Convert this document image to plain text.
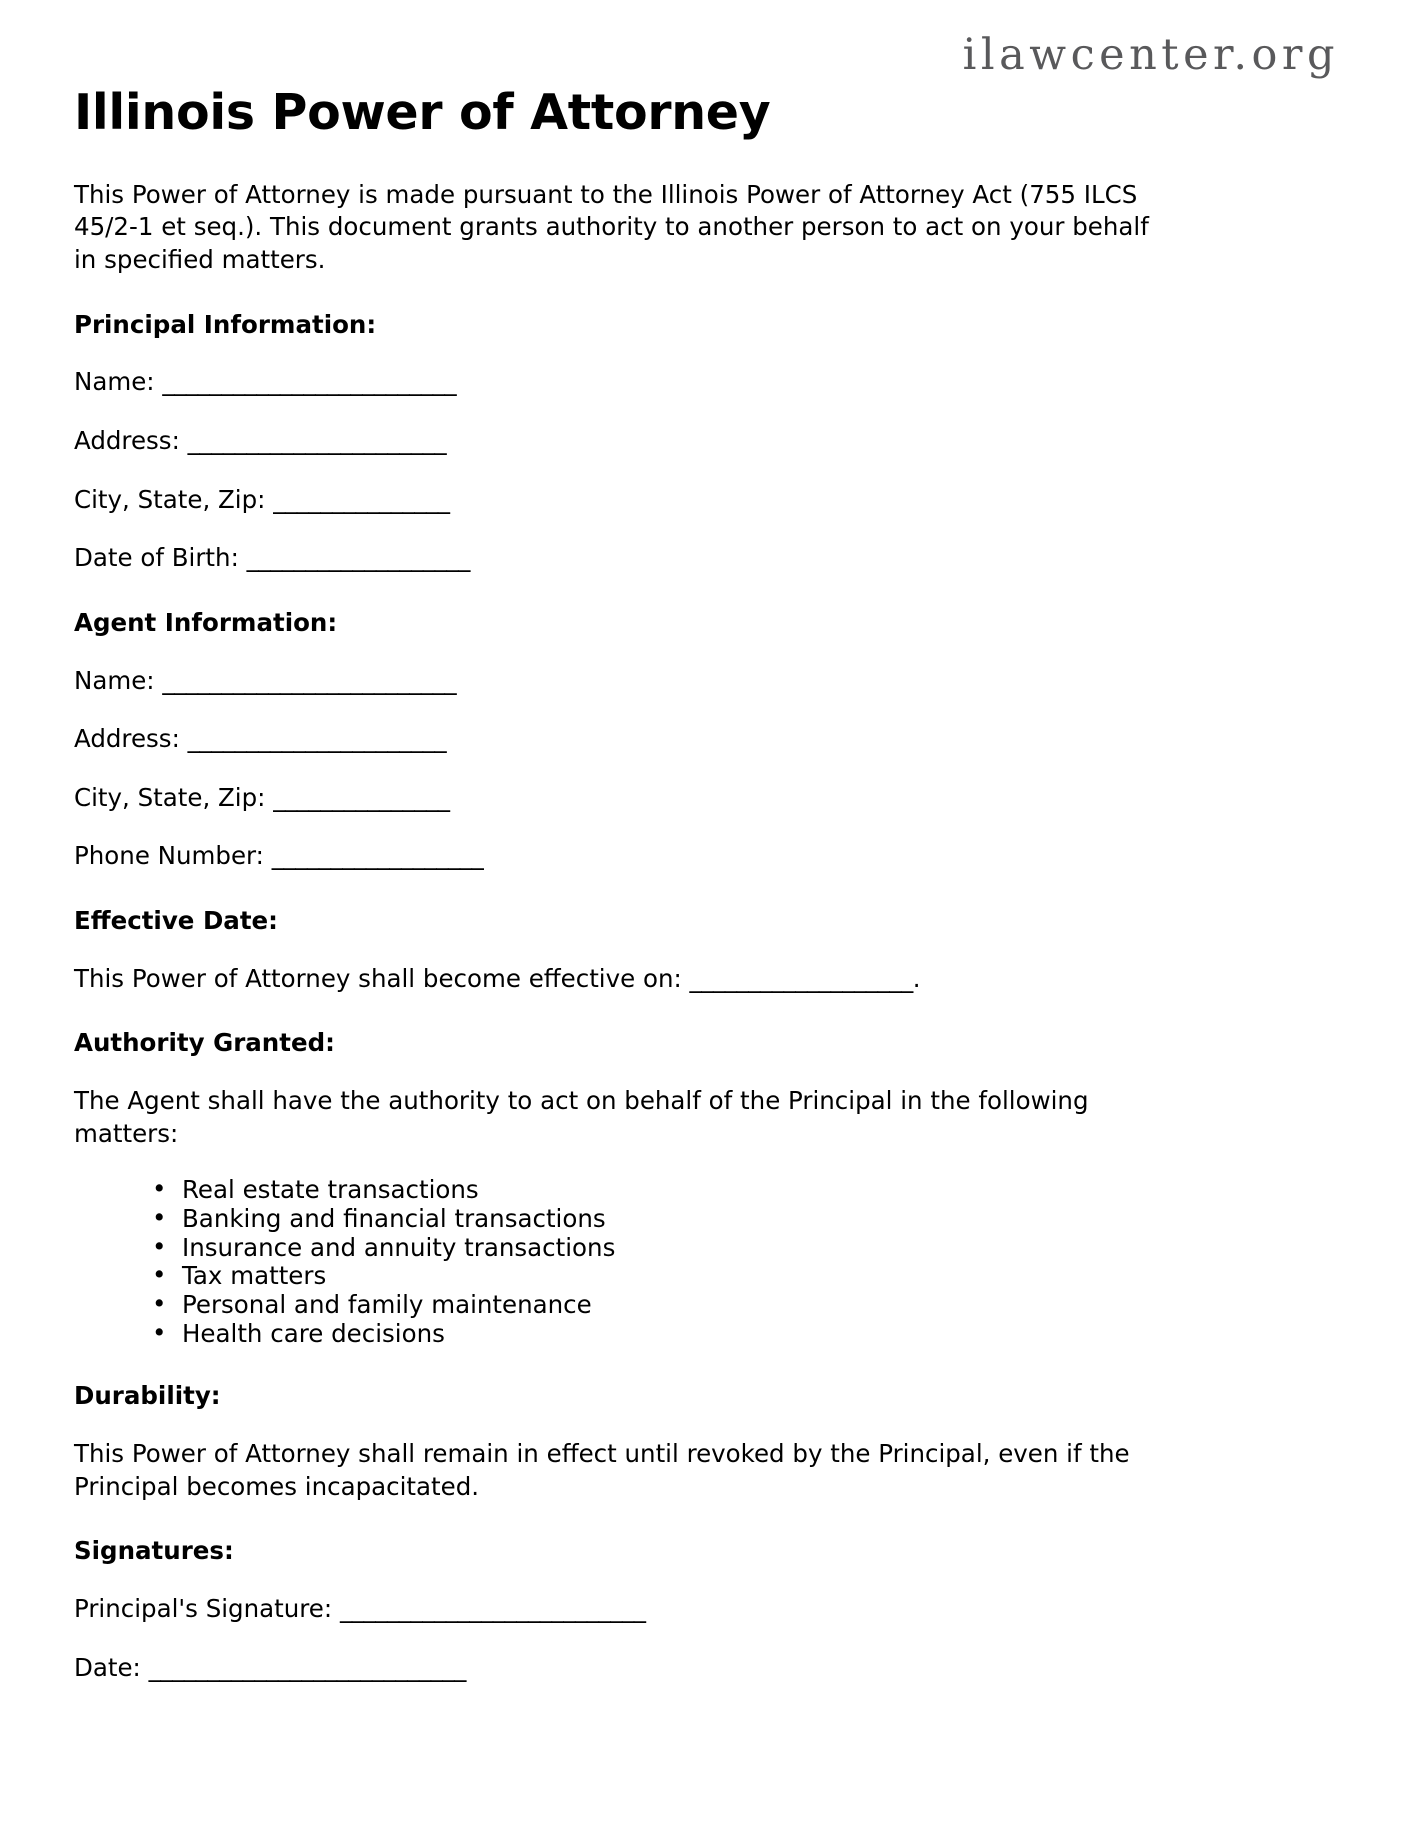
ilawcenter.org
Illinois Power of Attorney

This Power of Attorney is made pursuant to the Illinois Power of Attorney Act (755 ILCS 45/2-1 et seq.). This document grants authority to another person to act on your behalf in specified matters.

Principal Information:

Name: _________________________

Address: ______________________

City, State, Zip: _______________

Date of Birth: ___________________

Agent Information:

Name: _________________________

Address: ______________________

City, State, Zip: _______________

Phone Number: __________________

Effective Date:

This Power of Attorney shall become effective on: ___________________.

Authority Granted:

The Agent shall have the authority to act on behalf of the Principal in the following matters:

• Real estate transactions
• Banking and financial transactions
• Insurance and annuity transactions
• Tax matters
• Personal and family maintenance
• Health care decisions
Durability:

This Power of Attorney shall remain in effect until revoked by the Principal, even if the Principal becomes incapacitated.

Signatures:

Principal's Signature: __________________________

Date: ___________________________
